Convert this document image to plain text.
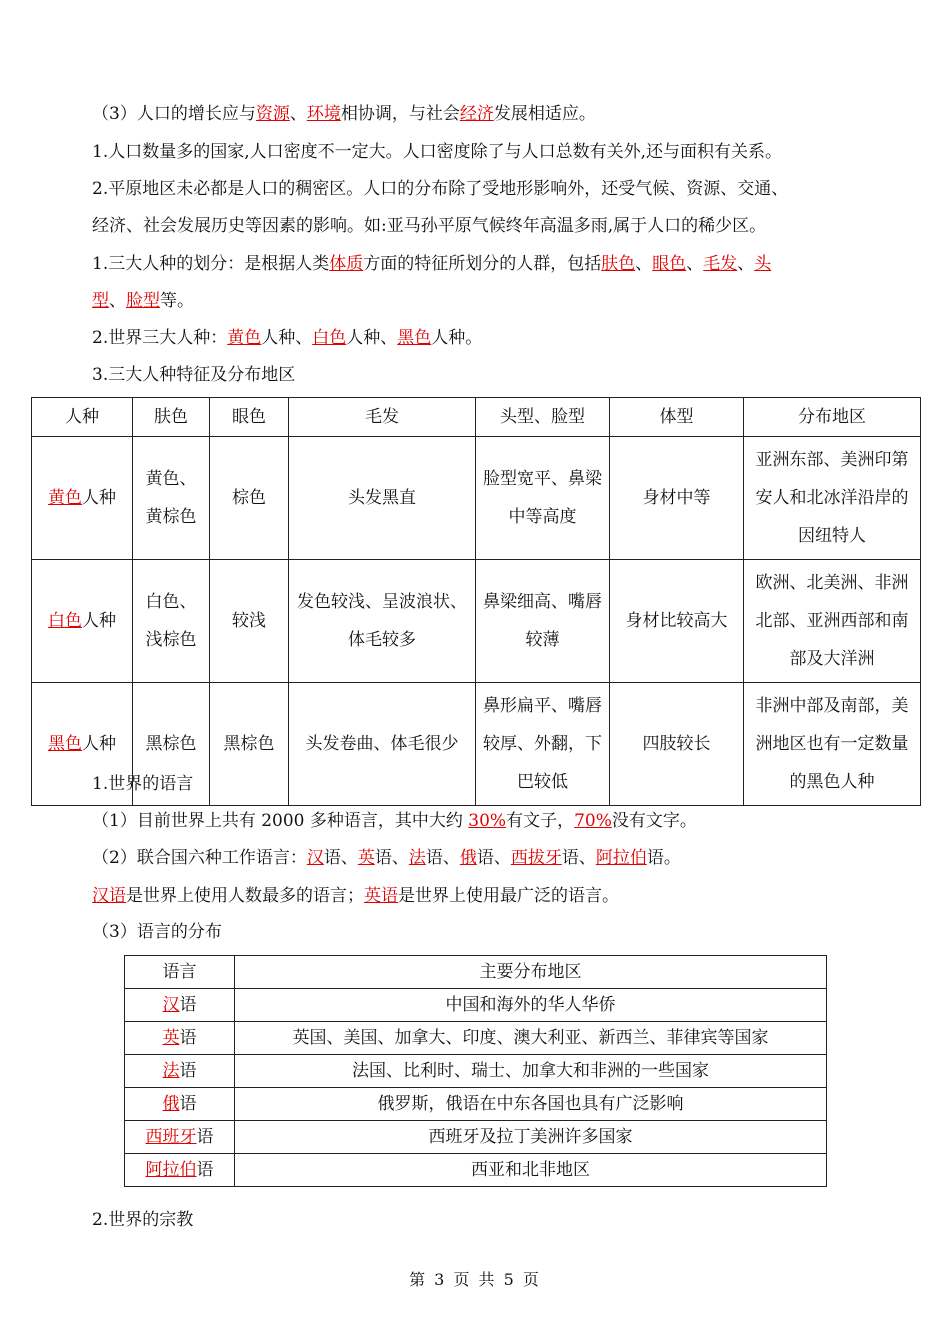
（3）人口的增长应与资源、环境相协调，与社会经济发展相适应。
1.人口数量多的国家,人口密度不一定大。人口密度除了与人口总数有关外,还与面积有关系。
2.平原地区未必都是人口的稠密区。人口的分布除了受地形影响外，还受气候、资源、交通、
经济、社会发展历史等因素的影响。如:亚马孙平原气候终年高温多雨,属于人口的稀少区。
1.三大人种的划分：是根据人类体质方面的特征所划分的人群，包括肤色、眼色、毛发、头
型、脸型等。
2.世界三大人种：黄色人种、白色人种、黑色人种。
3.三大人种特征及分布地区
人种	肤色	眼色	毛发	头型、脸型	体型	分布地区
黄色人种	黄色、黄棕色	棕色	头发黑直	脸型宽平、鼻梁中等高度	身材中等	亚洲东部、美洲印第安人和北冰洋沿岸的因纽特人
白色人种	白色、浅棕色	较浅	发色较浅、呈波浪状、体毛较多	鼻梁细高、嘴唇较薄	身材比较高大	欧洲、北美洲、非洲北部、亚洲西部和南部及大洋洲
黑色人种	黑棕色	黑棕色	头发卷曲、体毛很少	鼻形扁平、嘴唇较厚、外翻，下巴较低	四肢较长	非洲中部及南部，美洲地区也有一定数量的黑色人种
1.世界的语言
（1）目前世界上共有 2000 多种语言，其中大约 30%有文子，70%没有文字。
（2）联合国六种工作语言：汉语、英语、法语、俄语、西拔牙语、阿拉伯语。
汉语是世界上使用人数最多的语言；英语是世界上使用最广泛的语言。
（3）语言的分布
语言	主要分布地区
汉语	中国和海外的华人华侨
英语	英国、美国、加拿大、印度、澳大利亚、新西兰、菲律宾等国家
法语	法国、比利时、瑞士、加拿大和非洲的一些国家
俄语	俄罗斯，俄语在中东各国也具有广泛影响
西班牙语	西班牙及拉丁美洲许多国家
阿拉伯语	西亚和北非地区
2.世界的宗教
第 3 页 共 5 页
